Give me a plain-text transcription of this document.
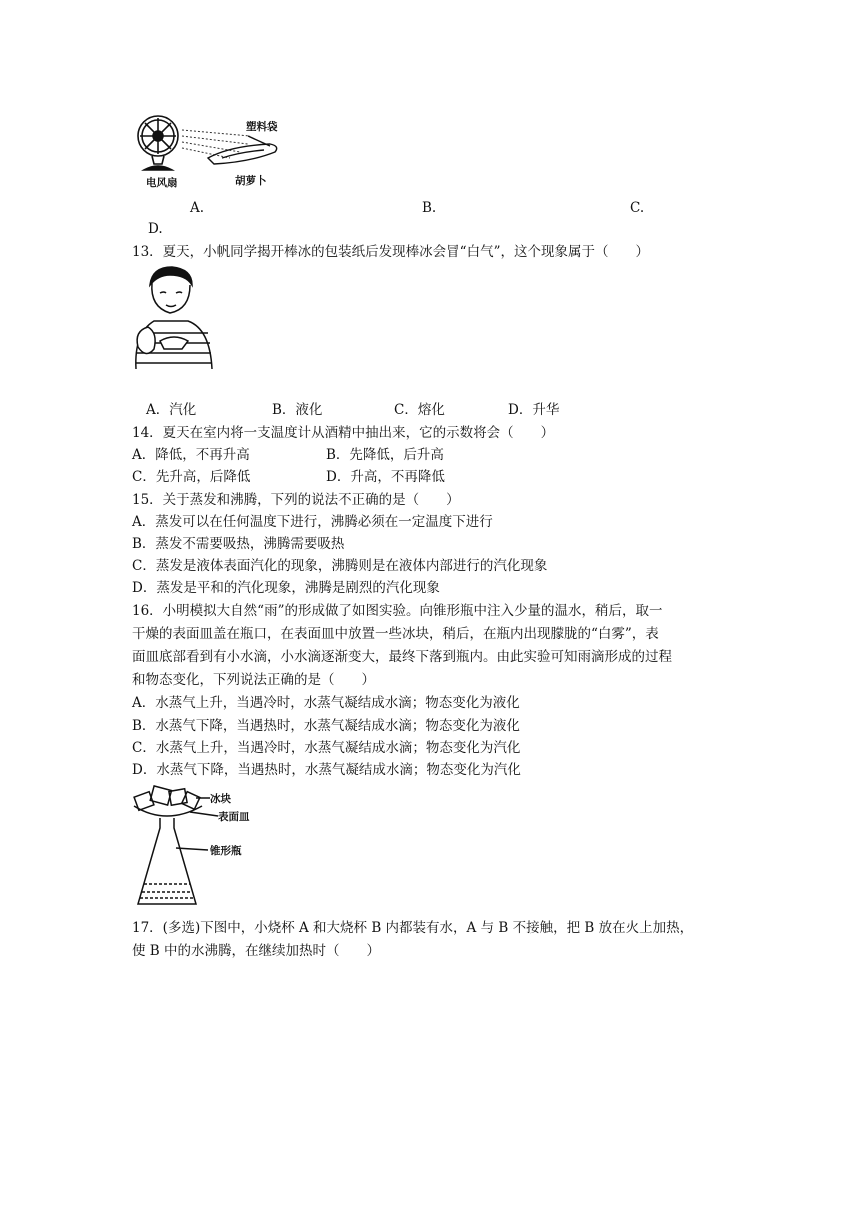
塑料袋
电风扇	胡萝卜
A.	B.	C.
D.
13．夏天，小帆同学揭开棒冰的包装纸后发现棒冰会冒“白气”，这个现象属于（　　）
A．汽化	B．液化	C．熔化	D．升华
14．夏天在室内将一支温度计从酒精中抽出来，它的示数将会（　　）
A．降低，不再升高	B．先降低，后升高
C．先升高，后降低	D．升高，不再降低
15．关于蒸发和沸腾，下列的说法不正确的是（　　）
A．蒸发可以在任何温度下进行，沸腾必须在一定温度下进行
B．蒸发不需要吸热，沸腾需要吸热
C．蒸发是液体表面汽化的现象，沸腾则是在液体内部进行的汽化现象
D．蒸发是平和的汽化现象，沸腾是剧烈的汽化现象
16．小明模拟大自然“雨”的形成做了如图实验。向锥形瓶中注入少量的温水，稍后，取一
干燥的表面皿盖在瓶口，在表面皿中放置一些冰块，稍后，在瓶内出现朦胧的“白雾”，表
面皿底部看到有小水滴，小水滴逐渐变大，最终下落到瓶内。由此实验可知雨滴形成的过程
和物态变化，下列说法正确的是（　　）
A．水蒸气上升，当遇冷时，水蒸气凝结成水滴；物态变化为液化
B．水蒸气下降，当遇热时，水蒸气凝结成水滴；物态变化为液化
C．水蒸气上升，当遇冷时，水蒸气凝结成水滴；物态变化为汽化
D．水蒸气下降，当遇热时，水蒸气凝结成水滴；物态变化为汽化
冰块
表面皿
锥形瓶
17．(多选)下图中，小烧杯 A 和大烧杯 B 内都装有水，A 与 B 不接触，把 B 放在火上加热，
使 B 中的水沸腾，在继续加热时（　　）
